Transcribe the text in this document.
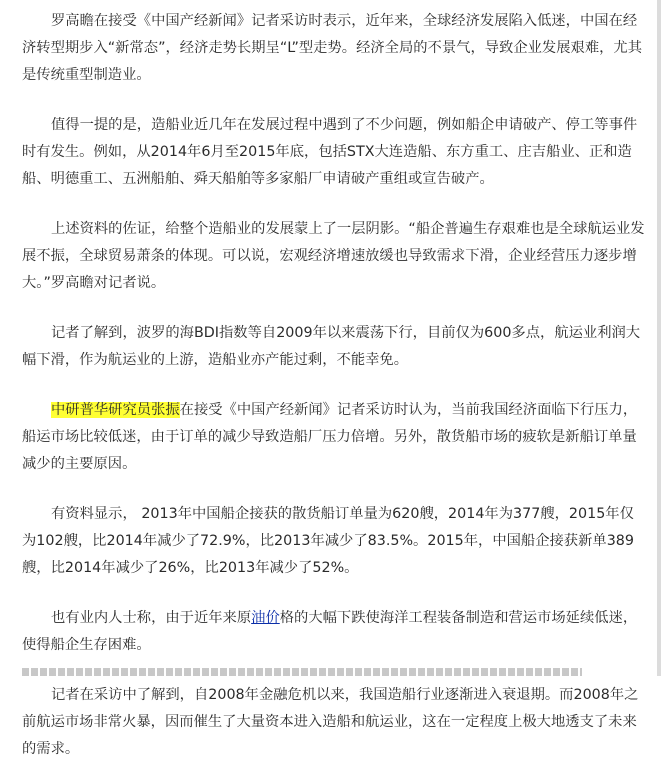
罗高瞻在接受《中国产经新闻》记者采访时表示，近年来，全球经济发展陷入低迷，中国在经济转型期步入“新常态”，经济走势长期呈“L”型走势。经济全局的不景气，导致企业发展艰难，尤其是传统重型制造业。

值得一提的是，造船业近几年在发展过程中遇到了不少问题，例如船企申请破产、停工等事件时有发生。例如，从2014年6月至2015年底，包括STX大连造船、东方重工、庄吉船业、正和造船、明德重工、五洲船舶、舜天船舶等多家船厂申请破产重组或宣告破产。

上述资料的佐证，给整个造船业的发展蒙上了一层阴影。“船企普遍生存艰难也是全球航运业发展不振，全球贸易萧条的体现。可以说，宏观经济增速放缓也导致需求下滑，企业经营压力逐步增大。”罗高瞻对记者说。

记者了解到，波罗的海BDI指数等自2009年以来震荡下行，目前仅为600多点，航运业利润大幅下滑，作为航运业的上游，造船业亦产能过剩，不能幸免。

中研普华研究员张振在接受《中国产经新闻》记者采访时认为，当前我国经济面临下行压力，船运市场比较低迷，由于订单的减少导致造船厂压力倍增。另外，散货船市场的疲软是新船订单量减少的主要原因。

有资料显示， 2013年中国船企接获的散货船订单量为620艘，2014年为377艘，2015年仅为102艘，比2014年减少了72.9%，比2013年减少了83.5%。2015年，中国船企接获新单389艘，比2014年减少了26%，比2013年减少了52%。

也有业内人士称，由于近年来原油价格的大幅下跌使海洋工程装备制造和营运市场延续低迷，使得船企生存困难。

记者在采访中了解到，自2008年金融危机以来，我国造船行业逐渐进入衰退期。而2008年之前航运市场非常火暴，因而催生了大量资本进入造船和航运业，这在一定程度上极大地透支了未来的需求。
